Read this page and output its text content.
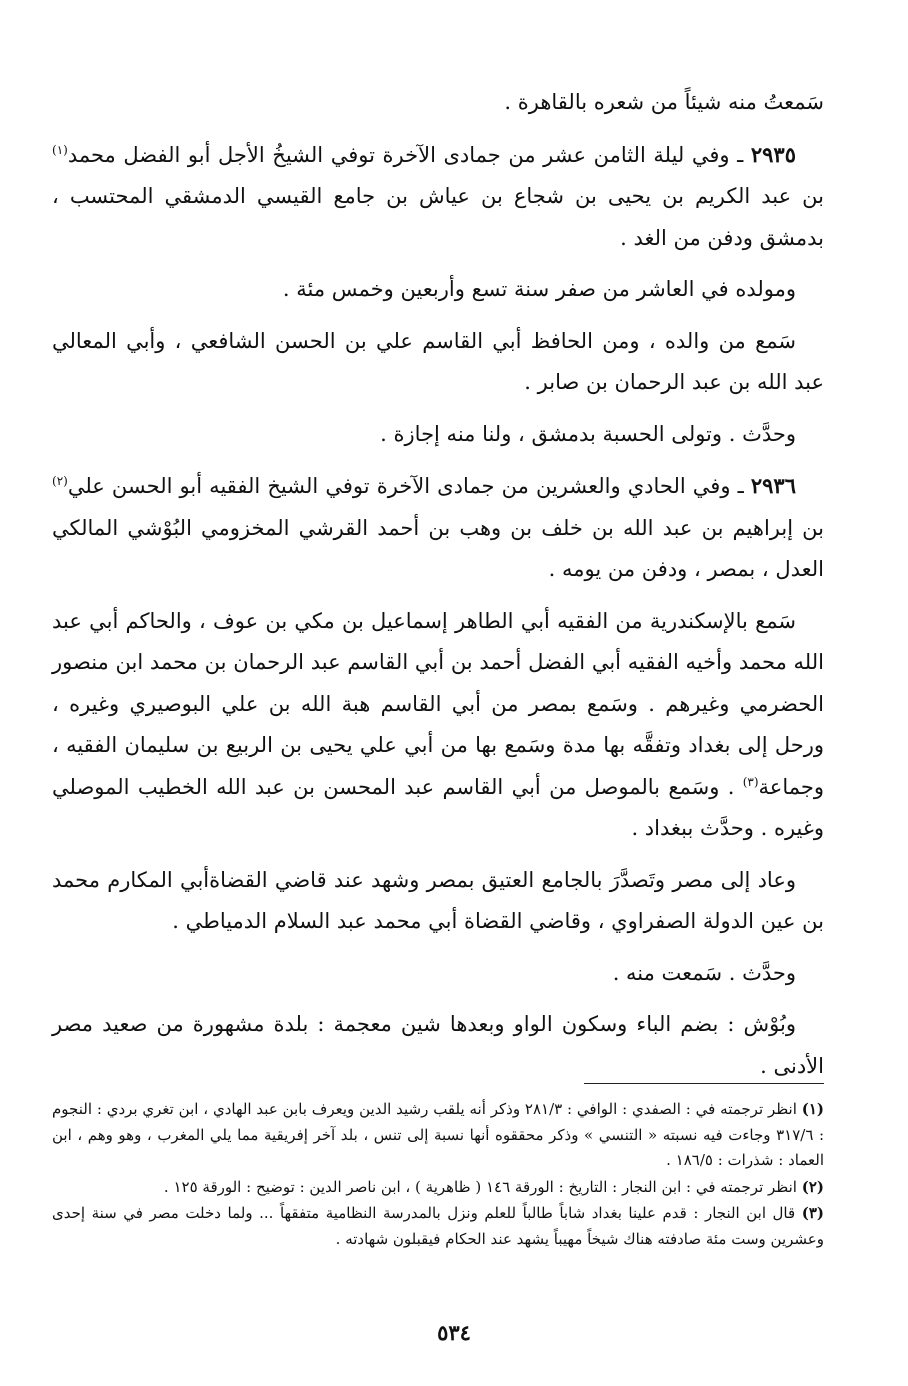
سَمعتُ منه شيئاً من شعره بالقاهرة .

٢٩٣٥ ـ وفي ليلة الثامن عشر من جمادى الآخرة توفي الشيخُ الأجل أبو الفضل محمد$^{(١)}$ بن عبد الكريم بن يحيى بن شجاع بن عياش بن جامع القيسي الدمشقي المحتسب ، بدمشق ودفن من الغد .

ومولده في العاشر من صفر سنة تسع وأربعين وخمس مئة .

سَمع من والده ، ومن الحافظ أبي القاسم علي بن الحسن الشافعي ، وأبي المعالي عبد الله بن عبد الرحمان بن صابر .

وحدَّث . وتولى الحسبة بدمشق ، ولنا منه إجازة .

٢٩٣٦ ـ وفي الحادي والعشرين من جمادى الآخرة توفي الشيخ الفقيه أبو الحسن علي$^{(٢)}$ بن إبراهيم بن عبد الله بن خلف بن وهب بن أحمد القرشي المخزومي البُوْشي المالكي العدل ، بمصر ، ودفن من يومه .

سَمع بالإسكندرية من الفقيه أبي الطاهر إسماعيل بن مكي بن عوف ، والحاكم أبي عبد الله محمد وأخيه الفقيه أبي الفضل أحمد بن أبي القاسم عبد الرحمان بن محمد ابن منصور الحضرمي وغيرهم . وسَمع بمصر من أبي القاسم هبة الله بن علي البوصيري وغيره ، ورحل إلى بغداد وتفقَّه بها مدة وسَمع بها من أبي علي يحيى بن الربيع بن سليمان الفقيه ، وجماعة$^{(٣)}$ . وسَمع بالموصل من أبي القاسم عبد المحسن بن عبد الله الخطيب الموصلي وغيره . وحدَّث ببغداد .

وعاد إلى مصر وتَصدَّرَ بالجامع العتيق بمصر وشهد عند قاضي القضاةأبي المكارم محمد بن عين الدولة الصفراوي ، وقاضي القضاة أبي محمد عبد السلام الدمياطي .

وحدَّث . سَمعت منه .

وبُوْش : بضم الباء وسكون الواو وبعدها شين معجمة : بلدة مشهورة من صعيد مصر الأدنى .

(١) انظر ترجمته في : الصفدي : الوافي : ٢٨١/٣ وذكر أنه يلقب رشيد الدين ويعرف بابن عبد الهادي ، ابن تغري بردي : النجوم : ٣١٧/٦ وجاءت فيه نسبته « التنسي » وذكر محققوه أنها نسبة إلى تنس ، بلد آخر إفريقية مما يلي المغرب ، وهو وهم ، ابن العماد : شذرات : ١٨٦/٥ .

(٢) انظر ترجمته في : ابن النجار : التاريخ : الورقة ١٤٦ ( ظاهرية ) ، ابن ناصر الدين : توضيح : الورقة ١٢٥ .

(٣) قال ابن النجار : قدم علينا بغداد شاباً طالباً للعلم ونزل بالمدرسة النظامية متفقهاً ... ولما دخلت مصر في سنة إحدى وعشرين وست مئة صادفته هناك شيخاً مهيباً يشهد عند الحكام فيقبلون شهادته .

٥٣٤
